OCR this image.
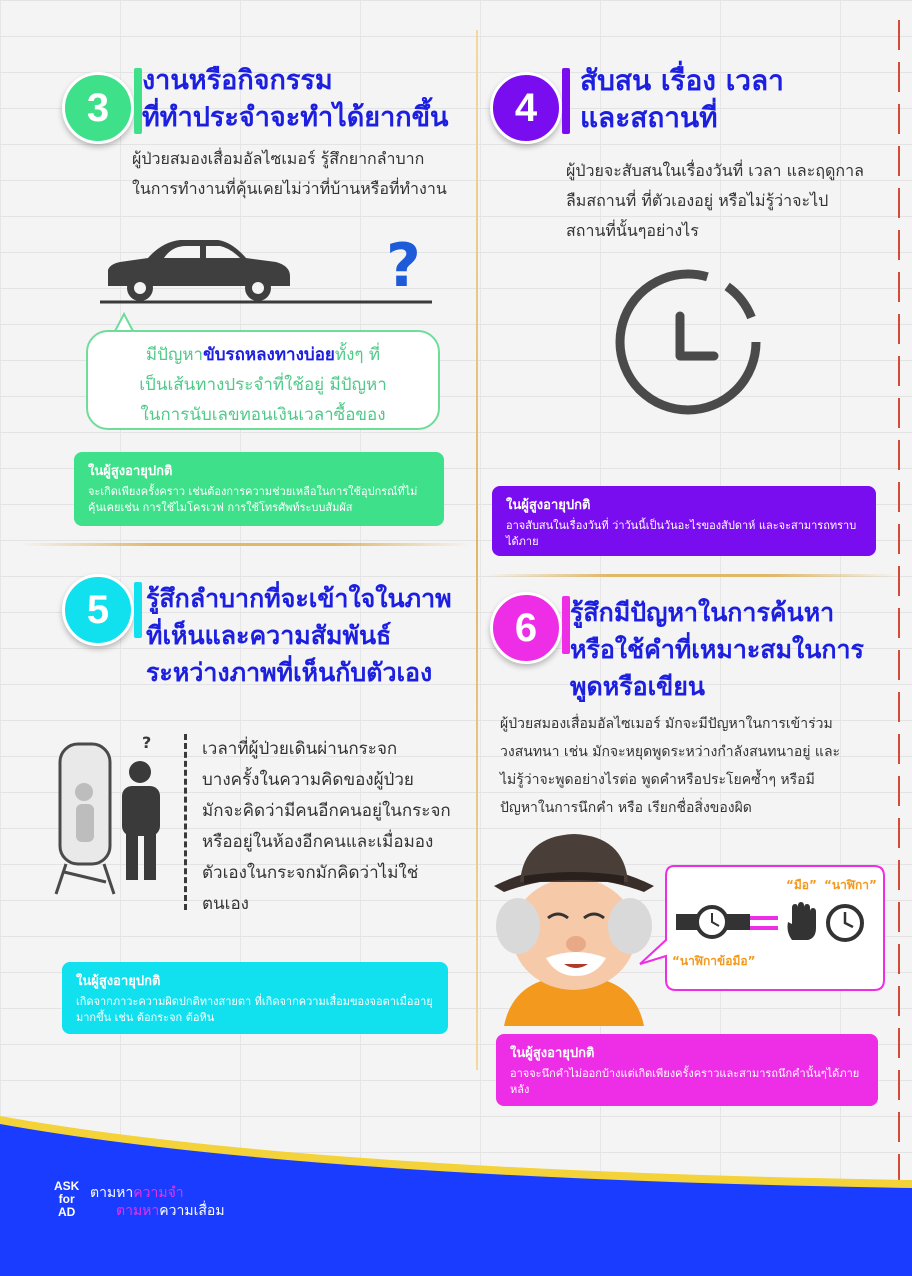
3
งานหรือกิจกรรม
ที่ทำประจำจะทำได้ยากขึ้น
ผู้ป่วยสมองเสื่อมอัลไซเมอร์ รู้สึกยากลำบาก
ในการทำงานที่คุ้นเคยไม่ว่าที่บ้านหรือที่ทำงาน
?
มีปัญหาขับรถหลงทางบ่อยทั้งๆ ที่
เป็นเส้นทางประจำที่ใช้อยู่ มีปัญหา
ในการนับเลขทอนเงินเวลาซื้อของ
ในผู้สูงอายุปกติ
จะเกิดเพียงครั้งคราว เช่นต้องการความช่วยเหลือในการใช้อุปกรณ์ที่ไม่คุ้นเคยเช่น การใช้ไมโครเวฟ การใช้โทรศัพท์ระบบสัมผัส
4
สับสน เรื่อง เวลา
และสถานที่
ผู้ป่วยจะสับสนในเรื่องวันที่ เวลา และฤดูกาล
ลืมสถานที่ ที่ตัวเองอยู่ หรือไม่รู้ว่าจะไป
สถานที่นั้นๆอย่างไร
ในผู้สูงอายุปกติ
อาจสับสนในเรื่องวันที่ ว่าวันนี้เป็นวันอะไรของสัปดาห์ และจะสามารถทราบได้ภาย
5	รู้สึกลำบากที่จะเข้าใจในภาพ
ที่เห็นและความสัมพันธ์
ระหว่างภาพที่เห็นกับตัวเอง
?	เวลาที่ผู้ป่วยเดินผ่านกระจก
บางครั้งในความคิดของผู้ป่วย
มักจะคิดว่ามีคนอีกคนอยู่ในกระจก
หรืออยู่ในห้องอีกคนและเมื่อมอง
ตัวเองในกระจกมักคิดว่าไม่ใช่
ตนเอง
ในผู้สูงอายุปกติ
เกิดจากภาวะความผิดปกติทางสายตา ที่เกิดจากความเสื่อมของจอตาเมื่ออายุมากขึ้น เช่น ต้อกระจก ต้อหิน
6	รู้สึกมีปัญหาในการค้นหา
หรือใช้คำที่เหมาะสมในการ
พูดหรือเขียน
ผู้ป่วยสมองเสื่อมอัลไซเมอร์ มักจะมีปัญหาในการเข้าร่วม
วงสนทนา เช่น มักจะหยุดพูดระหว่างกำลังสนทนาอยู่ และ
ไม่รู้ว่าจะพูดอย่างไรต่อ พูดคำหรือประโยคซ้ำๆ หรือมี
ปัญหาในการนึกคำ หรือ เรียกชื่อสิ่งของผิด
“มือ” “นาฬิกา”
“นาฬิกาข้อมือ”
ในผู้สูงอายุปกติ
อาจจะนึกคำไม่ออกบ้างแต่เกิดเพียงครั้งคราวและสามารถนึกคำนั้นๆได้ภายหลัง
ASK
for
AD
ตามหาความจำ
ตามหาความเสื่อม
